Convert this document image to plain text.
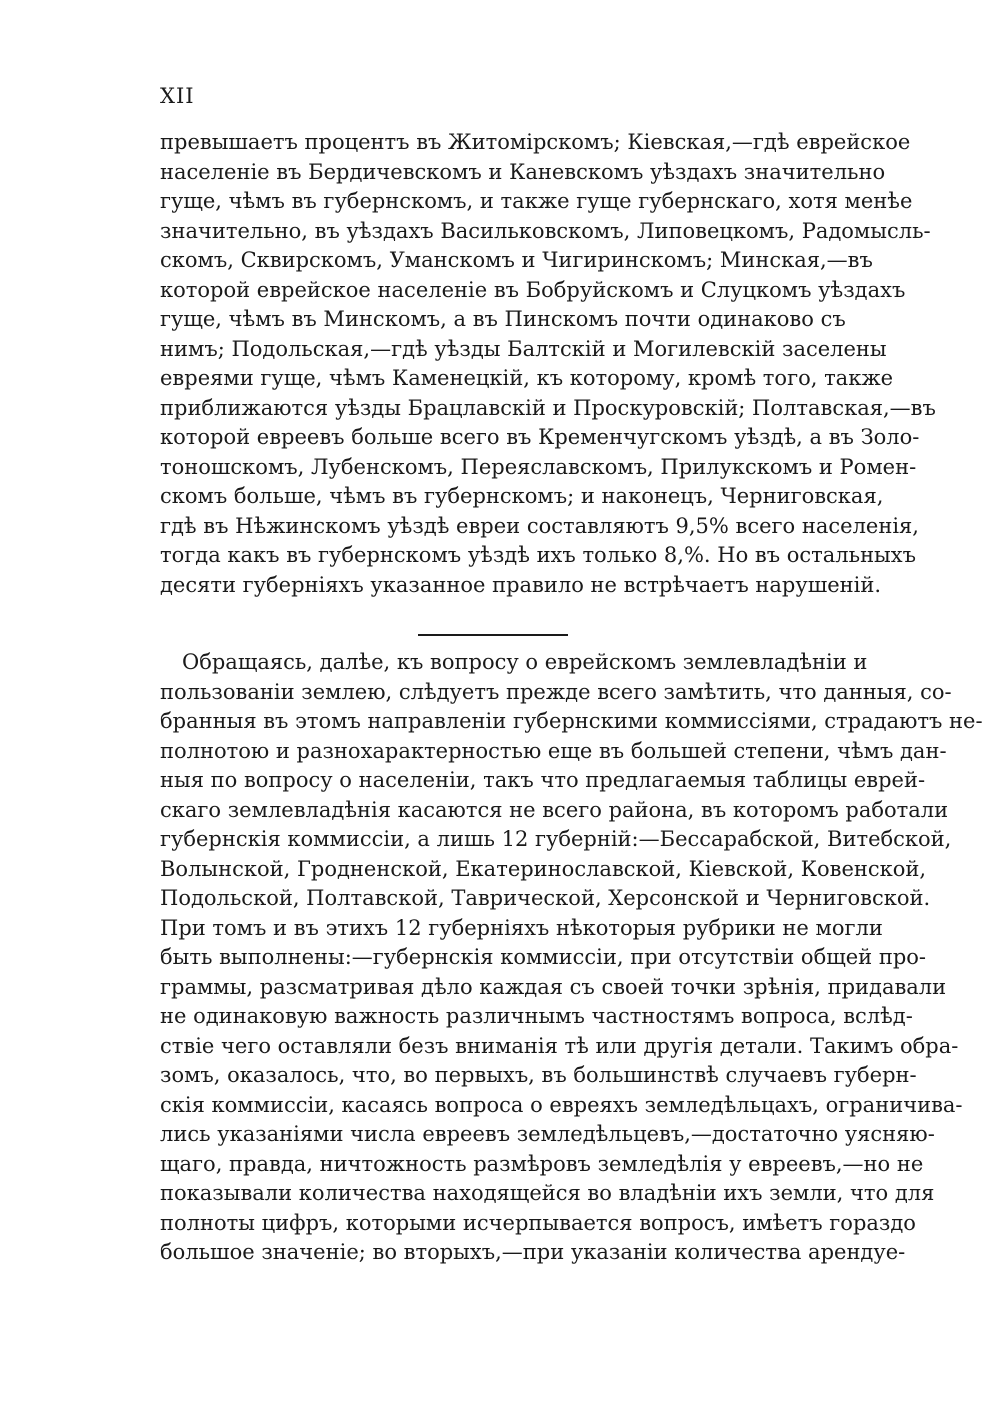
XII
превышаетъ процентъ въ Житомірскомъ; Кіевская,—гдѣ еврейское
населеніе въ Бердичевскомъ и Каневскомъ уѣздахъ значительно
гуще, чѣмъ въ губернскомъ, и также гуще губернскаго, хотя менѣе
значительно, въ уѣздахъ Васильковскомъ, Липовецкомъ, Радомысль-
скомъ, Сквирскомъ, Уманскомъ и Чигиринскомъ; Минская,—въ
которой еврейское населеніе въ Бобруйскомъ и Слуцкомъ уѣздахъ
гуще, чѣмъ въ Минскомъ, а въ Пинскомъ почти одинаково съ
нимъ; Подольская,—гдѣ уѣзды Балтскій и Могилевскій заселены
евреями гуще, чѣмъ Каменецкій, къ которому, кромѣ того, также
приближаются уѣзды Брацлавскій и Проскуровскій; Полтавская,—въ
которой евреевъ больше всего въ Кременчугскомъ уѣздѣ, а въ Золо-
тоношскомъ, Лубенскомъ, Переяславскомъ, Прилукскомъ и Ромен-
скомъ больше, чѣмъ въ губернскомъ; и наконецъ, Черниговская,
гдѣ въ Нѣжинскомъ уѣздѣ евреи составляютъ 9,5% всего населенія,
тогда какъ въ губернскомъ уѣздѣ ихъ только 8,%. Но въ остальныхъ
десяти губерніяхъ указанное правило не встрѣчаетъ нарушеній.
Обращаясь, далѣе, къ вопросу о еврейскомъ землевладѣніи и
пользованіи землею, слѣдуетъ прежде всего замѣтить, что данныя, со-
бранныя въ этомъ направленіи губернскими коммиссіями, страдаютъ не-
полнотою и разнохарактерностью еще въ большей степени, чѣмъ дан-
ныя по вопросу о населеніи, такъ что предлагаемыя таблицы еврей-
скаго землевладѣнія касаются не всего района, въ которомъ работали
губернскія коммиссіи, а лишь 12 губерній:—Бессарабской, Витебской,
Волынской, Гродненской, Екатеринославской, Кіевской, Ковенской,
Подольской, Полтавской, Таврической, Херсонской и Черниговской.
При томъ и въ этихъ 12 губерніяхъ нѣкоторыя рубрики не могли
быть выполнены:—губернскія коммиссіи, при отсутствіи общей про-
граммы, разсматривая дѣло каждая съ своей точки зрѣнія, придавали
не одинаковую важность различнымъ частностямъ вопроса, вслѣд-
ствіе чего оставляли безъ вниманія тѣ или другія детали. Такимъ обра-
зомъ, оказалось, что, во первыхъ, въ большинствѣ случаевъ губерн-
скія коммиссіи, касаясь вопроса о евреяхъ земледѣльцахъ, ограничива-
лись указаніями числа евреевъ земледѣльцевъ,—достаточно уясняю-
щаго, правда, ничтожность размѣровъ земледѣлія у евреевъ,—но не
показывали количества находящейся во владѣніи ихъ земли, что для
полноты цифръ, которыми исчерпывается вопросъ, имѣетъ гораздо
большое значеніе; во вторыхъ,—при указаніи количества арендуе-
